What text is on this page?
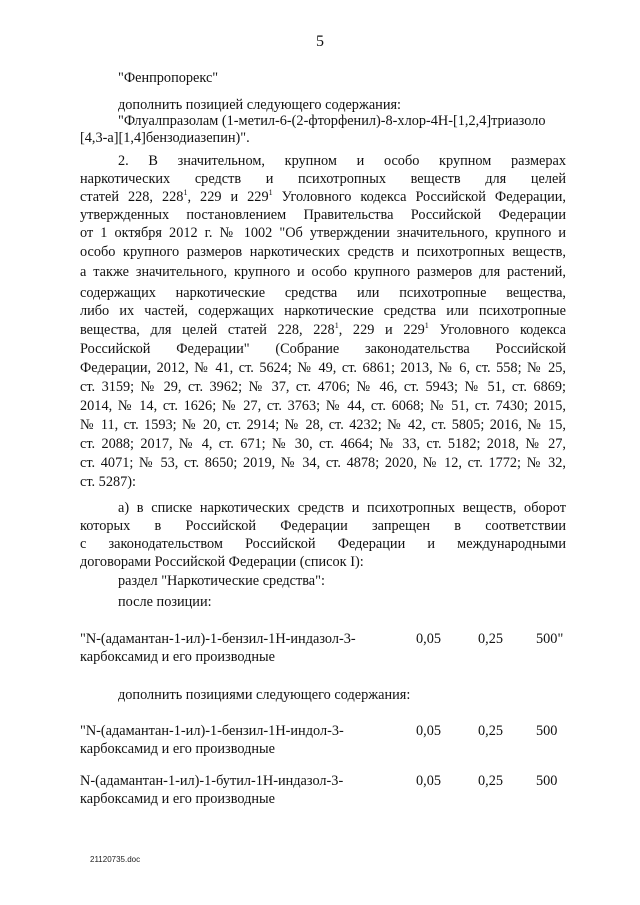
5
"Фенпропорекс"
дополнить позицией следующего содержания:
"Флуалпразолам (1-метил-6-(2-фторфенил)-8-хлор-4Н-[1,2,4]триазоло
[4,3-а][1,4]бензодиазепин)".
2. В значительном, крупном и особо крупном размерах
наркотических средств и психотропных веществ для целей
статей 228, $228^1$, 229 и $229^1$ Уголовного кодекса Российской Федерации,
утвержденных постановлением Правительства Российской Федерации
от 1 октября 2012 г. № 1002 "Об утверждении значительного, крупного и
особо крупного размеров наркотических средств и психотропных веществ,
а также значительного, крупного и особо крупного размеров для растений,
содержащих наркотические средства или психотропные вещества,
либо их частей, содержащих наркотические средства или психотропные
вещества, для целей статей 228, $228^1$, 229 и $229^1$ Уголовного кодекса
Российской Федерации" (Собрание законодательства Российской
Федерации, 2012, № 41, ст. 5624; № 49, ст. 6861; 2013, № 6, ст. 558; № 25,
ст. 3159; № 29, ст. 3962; № 37, ст. 4706; № 46, ст. 5943; № 51, ст. 6869;
2014, № 14, ст. 1626; № 27, ст. 3763; № 44, ст. 6068; № 51, ст. 7430; 2015,
№ 11, ст. 1593; № 20, ст. 2914; № 28, ст. 4232; № 42, ст. 5805; 2016, № 15,
ст. 2088; 2017, № 4, ст. 671; № 30, ст. 4664; № 33, ст. 5182; 2018, № 27,
ст. 4071; № 53, ст. 8650; 2019, № 34, ст. 4878; 2020, № 12, ст. 1772; № 32,
ст. 5287):
а) в списке наркотических средств и психотропных веществ, оборот
которых в Российской Федерации запрещен в соответствии
с законодательством Российской Федерации и международными
договорами Российской Федерации (список I):
раздел "Наркотические средства":
после позиции:
"N-(адамантан-1-ил)-1-бензил-1Н-индазол-3-
карбоксамид и его производные
0,05	0,25 500"
дополнить позициями следующего содержания:
"N-(адамантан-1-ил)-1-бензил-1Н-индол-3-
карбоксамид и его производные
0,05	0,25 500
N-(адамантан-1-ил)-1-бутил-1Н-индазол-3-
карбоксамид и его производные
0,05	0,25 500
21120735.doc
